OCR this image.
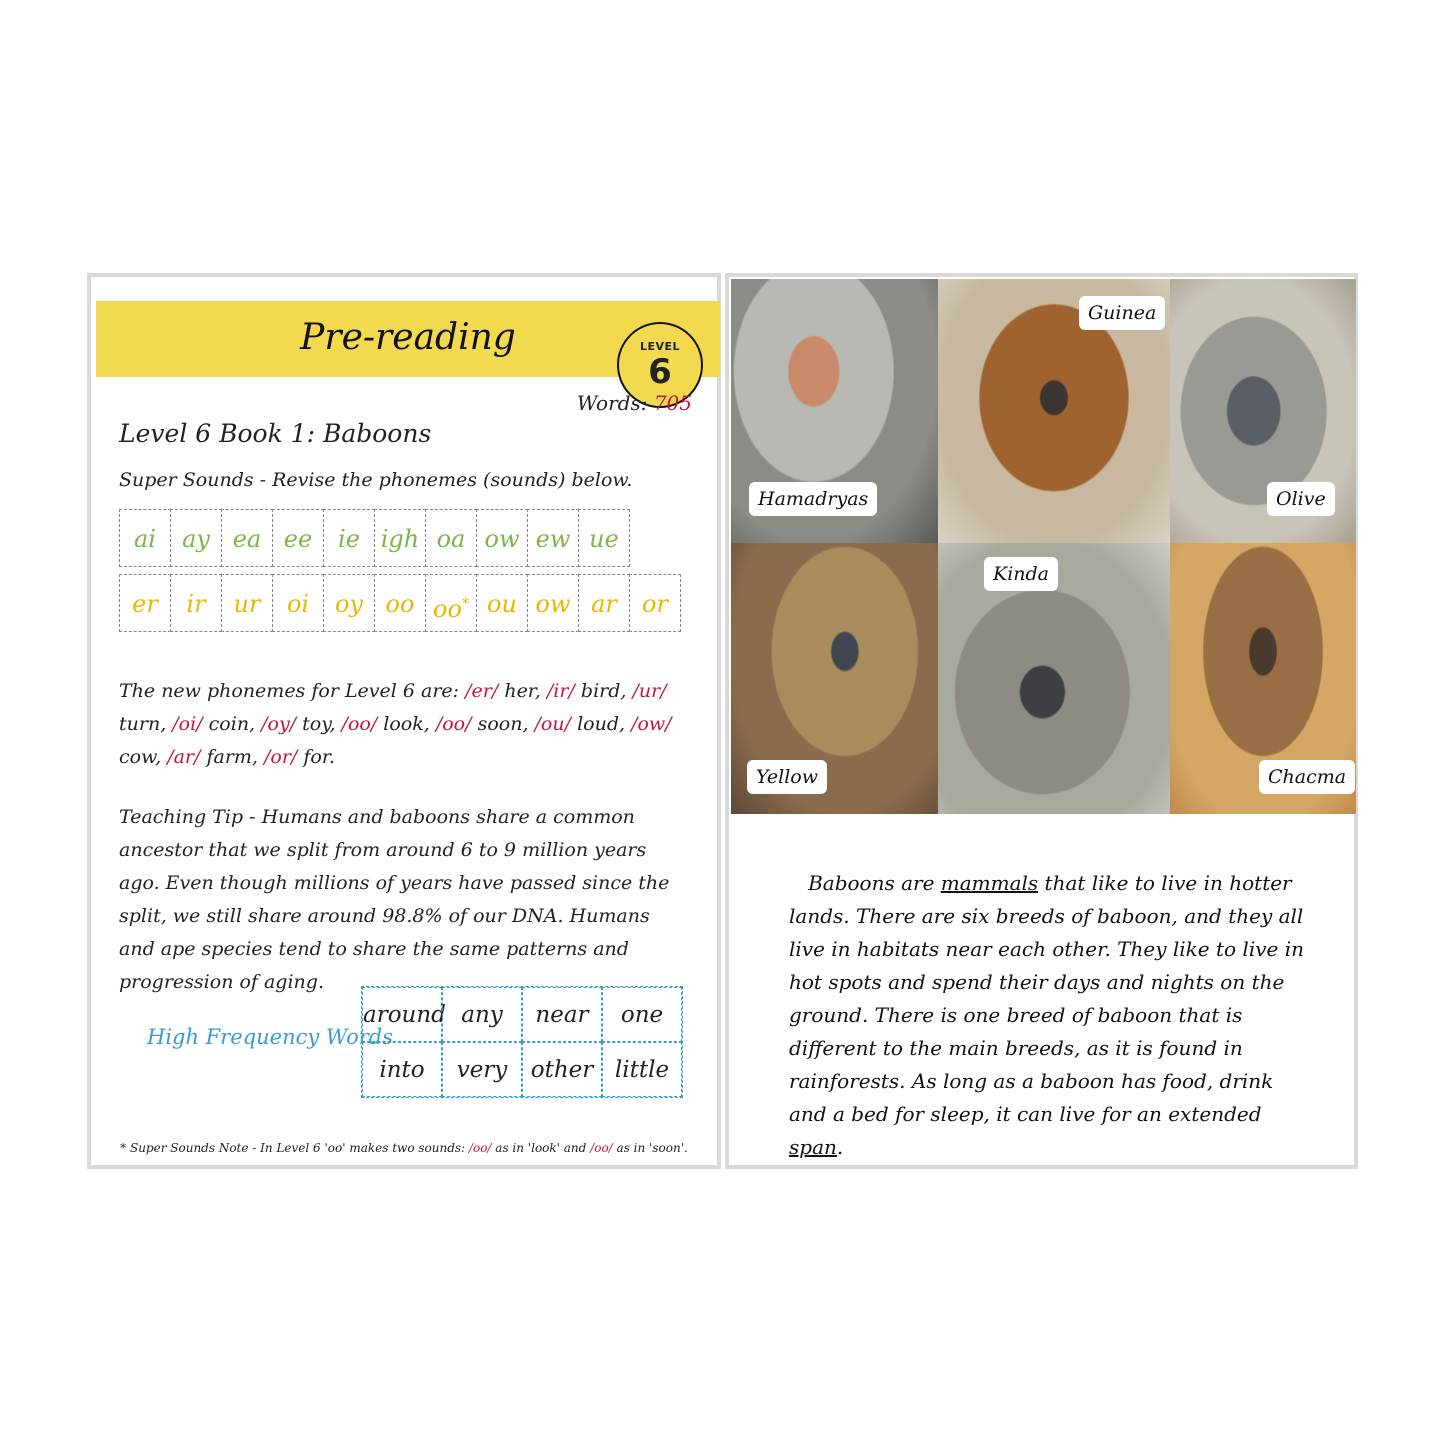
Pre-reading	LEVEL
6
Words: 705
Level 6 Book 1: Baboons
Super Sounds - Revise the phonemes (sounds) below.
ai	ay ea ee	ie igh oa ow ew ue
er	ir	ur	oi	oy oo oo* ou ow ar	or
The new phonemes for Level 6 are: /er/ her, /ir/ bird, /ur/ turn, /oi/ coin, /oy/ toy, /oo/ look, /oo/ soon, /ou/ loud, /ow/ cow, /ar/ farm, /or/ for.
Teaching Tip - Humans and baboons share a common ancestor that we split from around 6 to 9 million years ago. Even though millions of years have passed since the split, we still share around 98.8% of our DNA. Humans and ape species tend to share the same patterns and progression of aging.
High Frequency Words
around any	near	one
into	very	other little
* Super Sounds Note - In Level 6 'oo' makes two sounds: /oo/ as in 'look' and /oo/ as in 'soon'.
Hamadryas
Guinea
Olive
Yellow
Kinda
Chacma
Baboons are mammals that like to live in hotter lands. There are six breeds of baboon, and they all live in habitats near each other. They like to live in hot spots and spend their days and nights on the ground. There is one breed of baboon that is different to the main breeds, as it is found in rainforests. As long as a baboon has food, drink and a bed for sleep, it can live for an extended span.
